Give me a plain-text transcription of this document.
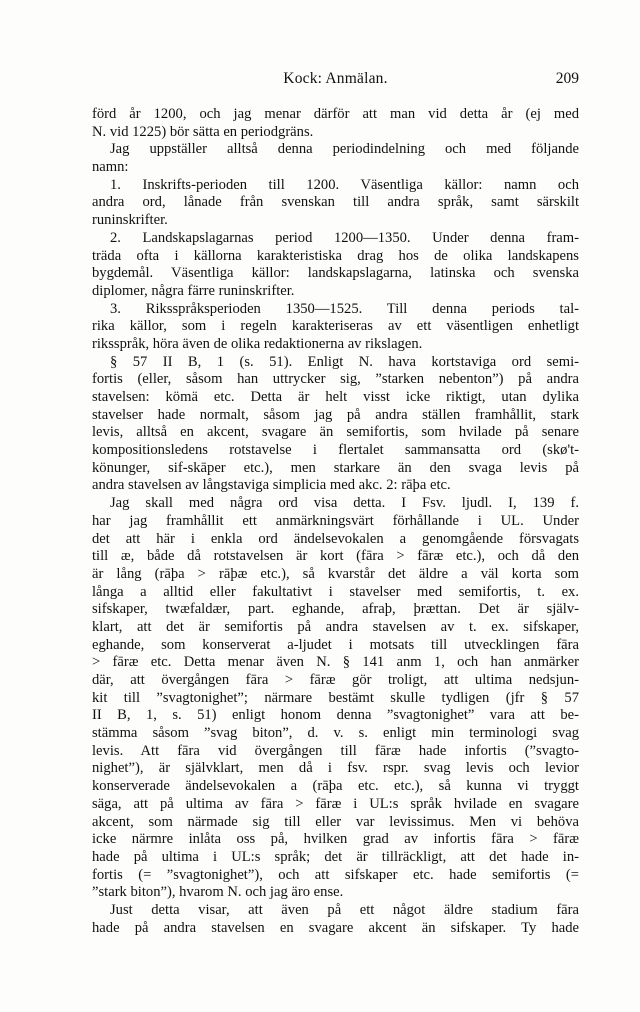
Kock: Anmälan.	209
förd år 1200, och jag menar därför att man vid detta år (ej med
N. vid 1225) bör sätta en periodgräns.
Jag uppställer alltså denna periodindelning och med följande
namn:
1. Inskrifts-perioden till 1200. Väsentliga källor: namn och
andra ord, lånade från svenskan till andra språk, samt särskilt
runinskrifter.
2. Landskapslagarnas period 1200—1350. Under denna fram-
träda ofta i källorna karakteristiska drag hos de olika landskapens
bygdemål. Väsentliga källor: landskapslagarna, latinska och svenska
diplomer, några färre runinskrifter.
3. Riksspråksperioden 1350—1525. Till denna periods tal-
rika källor, som i regeln karakteriseras av ett väsentligen enhetligt
riksspråk, höra även de olika redaktionerna av rikslagen.
§ 57 II B, 1 (s. 51). Enligt N. hava kortstaviga ord semi-
fortis (eller, såsom han uttrycker sig, ”starken nebenton”) på andra
stavelsen: kömä etc. Detta är helt visst icke riktigt, utan dylika
stavelser hade normalt, såsom jag på andra ställen framhållit, stark
levis, alltså en akcent, svagare än semifortis, som hvilade på senare
kompositionsledens rotstavelse i flertalet sammansatta ord (skø't-
könunger, sif-skāper etc.), men starkare än den svaga levis på
andra stavelsen av långstaviga simplicia med akc. 2: rāþa etc.
Jag skall med några ord visa detta. I Fsv. ljudl. I, 139 f.
har jag framhållit ett anmärkningsvärt förhållande i UL. Under
det att här i enkla ord ändelsevokalen a genomgående försvagats
till æ, både då rotstavelsen är kort (fāra > fāræ etc.), och då den
är lång (rāþa > rāþæ etc.), så kvarstår det äldre a väl korta som
långa a alltid eller fakultativt i stavelser med semifortis, t. ex.
sifskaper, twæfaldær, part. eghande, afraþ, þrættan. Det är själv-
klart, att det är semifortis på andra stavelsen av t. ex. sifskaper,
eghande, som konserverat a-ljudet i motsats till utvecklingen fāra
> fāræ etc. Detta menar även N. § 141 anm 1, och han anmärker
där, att övergången fāra > fāræ gör troligt, att ultima nedsjun-
kit till ”svagtonighet”; närmare bestämt skulle tydligen (jfr § 57
II B, 1, s. 51) enligt honom denna ”svagtonighet” vara att be-
stämma såsom ”svag biton”, d. v. s. enligt min terminologi svag
levis. Att fāra vid övergången till fāræ hade infortis (”svagto-
nighet”), är självklart, men då i fsv. rspr. svag levis och levior
konserverade ändelsevokalen a (rāþa etc. etc.), så kunna vi tryggt
säga, att på ultima av fāra > fāræ i UL:s språk hvilade en svagare
akcent, som närmade sig till eller var levissimus. Men vi behöva
icke närmre inlåta oss på, hvilken grad av infortis fāra > fāræ
hade på ultima i UL:s språk; det är tillräckligt, att det hade in-
fortis (= ”svagtonighet”), och att sifskaper etc. hade semifortis (=
”stark biton”), hvarom N. och jag äro ense.
Just detta visar, att även på ett något äldre stadium fāra
hade på andra stavelsen en svagare akcent än sifskaper. Ty hade
